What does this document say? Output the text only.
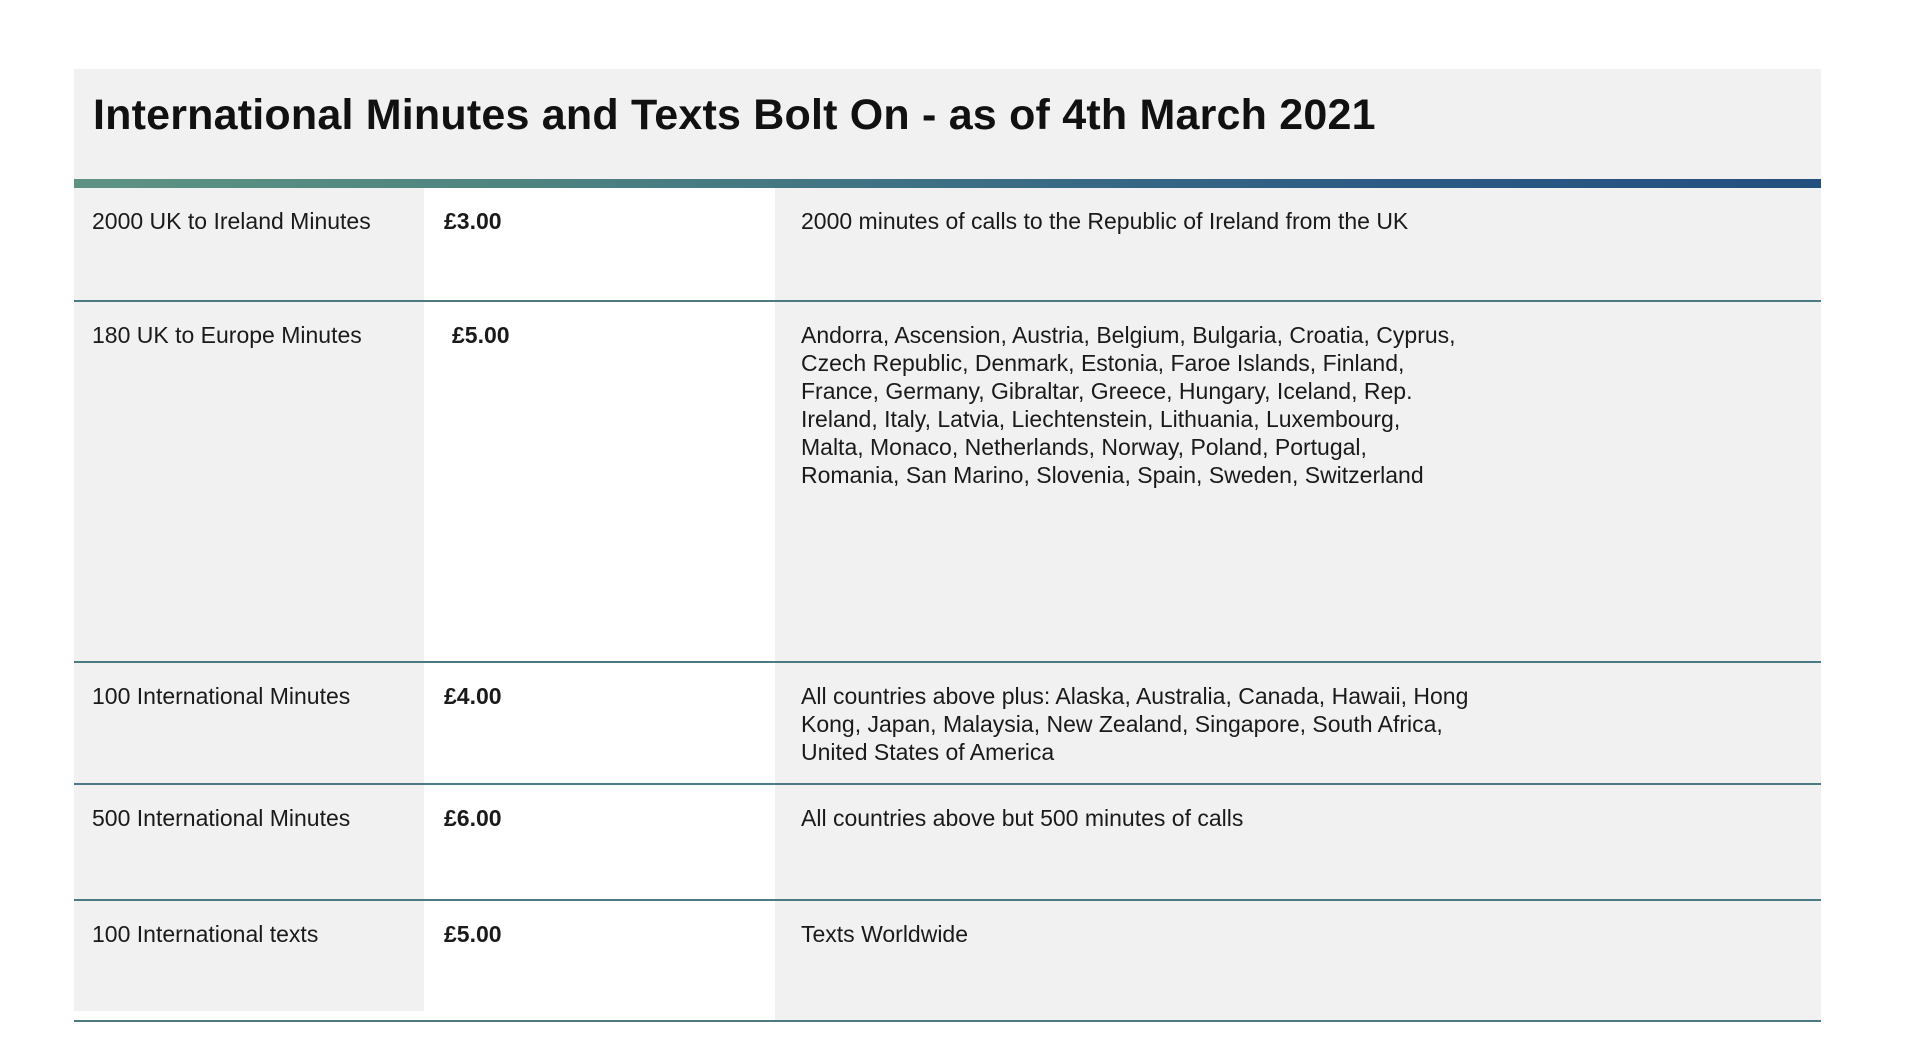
International Minutes and Texts Bolt On - as of 4th March 2021
2000 UK to Ireland Minutes	£3.00	2000 minutes of calls to the Republic of Ireland from the UK
180 UK to Europe Minutes	£5.00	Andorra, Ascension, Austria, Belgium, Bulgaria, Croatia, Cyprus, Czech Republic, Denmark, Estonia, Faroe Islands, Finland, France, Germany, Gibraltar, Greece, Hungary, Iceland, Rep. Ireland, Italy, Latvia, Liechtenstein, Lithuania, Luxembourg, Malta, Monaco, Netherlands, Norway, Poland, Portugal, Romania, San Marino, Slovenia, Spain, Sweden, Switzerland
100 International Minutes	£4.00	All countries above plus: Alaska, Australia, Canada, Hawaii, Hong Kong, Japan, Malaysia, New Zealand, Singapore, South Africa, United States of America
500 International Minutes	£6.00	All countries above but 500 minutes of calls
100 International texts	£5.00	Texts Worldwide
